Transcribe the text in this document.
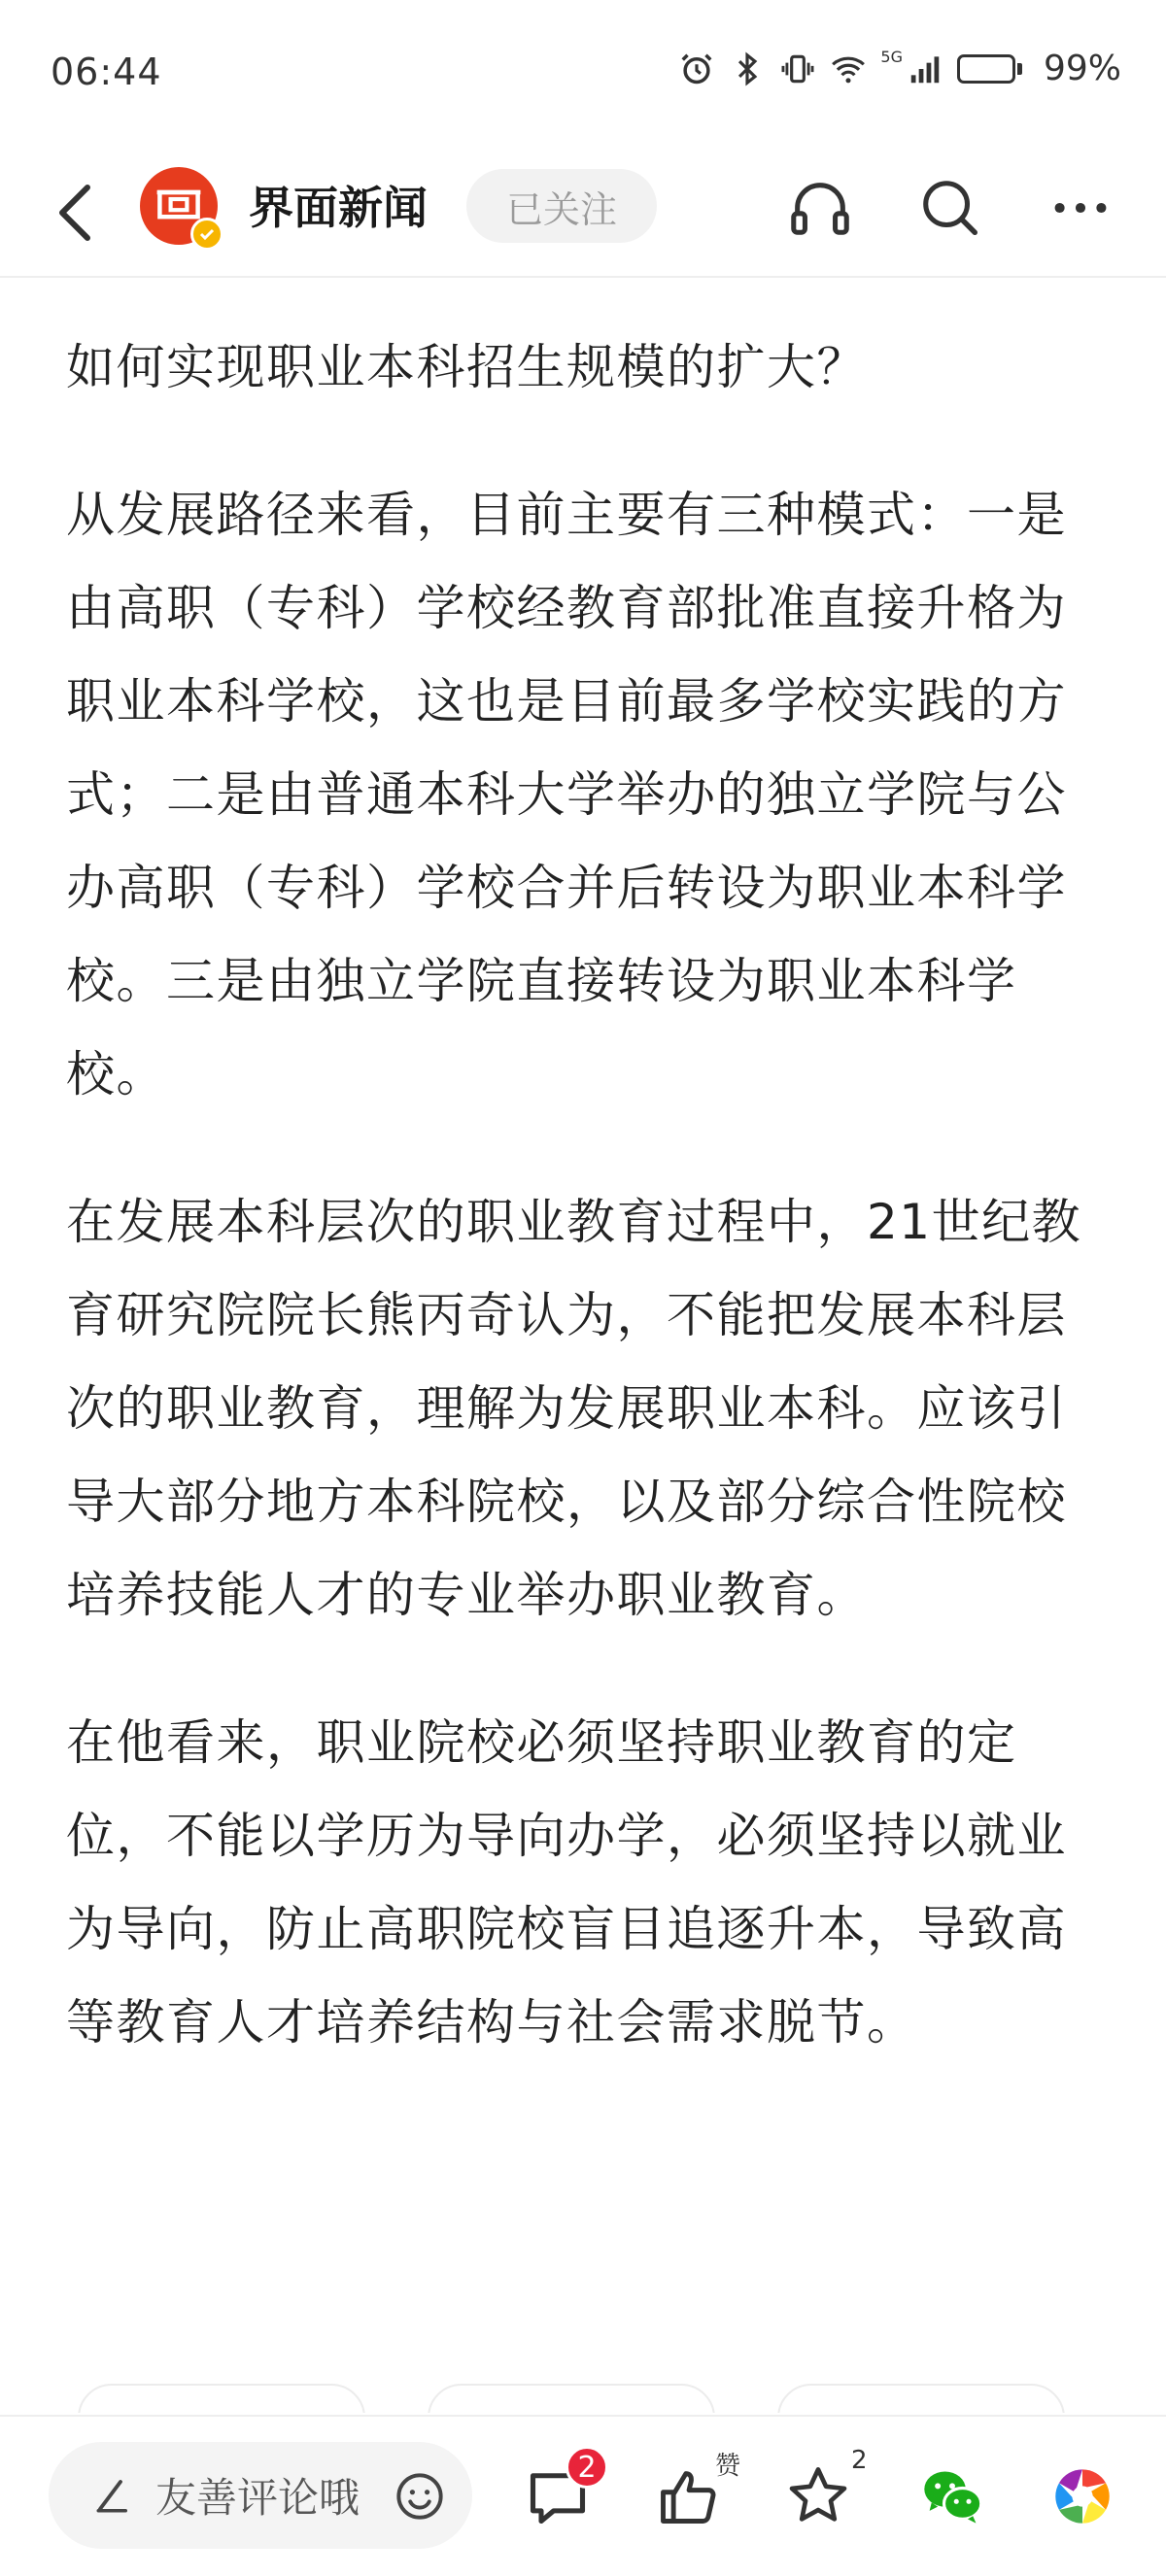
06:44	5G	99%
界面新闻	已关注

如何实现职业本科招生规模的扩大？

从发展路径来看，目前主要有三种模式：一是由高职（专科）学校经教育部批准直接升格为职业本科学校，这也是目前最多学校实践的方式；二是由普通本科大学举办的独立学院与公办高职（专科）学校合并后转设为职业本科学校。三是由独立学院直接转设为职业本科学校。

在发展本科层次的职业教育过程中，21世纪教育研究院院长熊丙奇认为，不能把发展本科层次的职业教育，理解为发展职业本科。应该引导大部分地方本科院校，以及部分综合性院校培养技能人才的专业举办职业教育。

在他看来，职业院校必须坚持职业教育的定位，不能以学历为导向办学，必须坚持以就业为导向，防止高职院校盲目追逐升本，导致高等教育人才培养结构与社会需求脱节。

友善评论哦
2	赞	2
